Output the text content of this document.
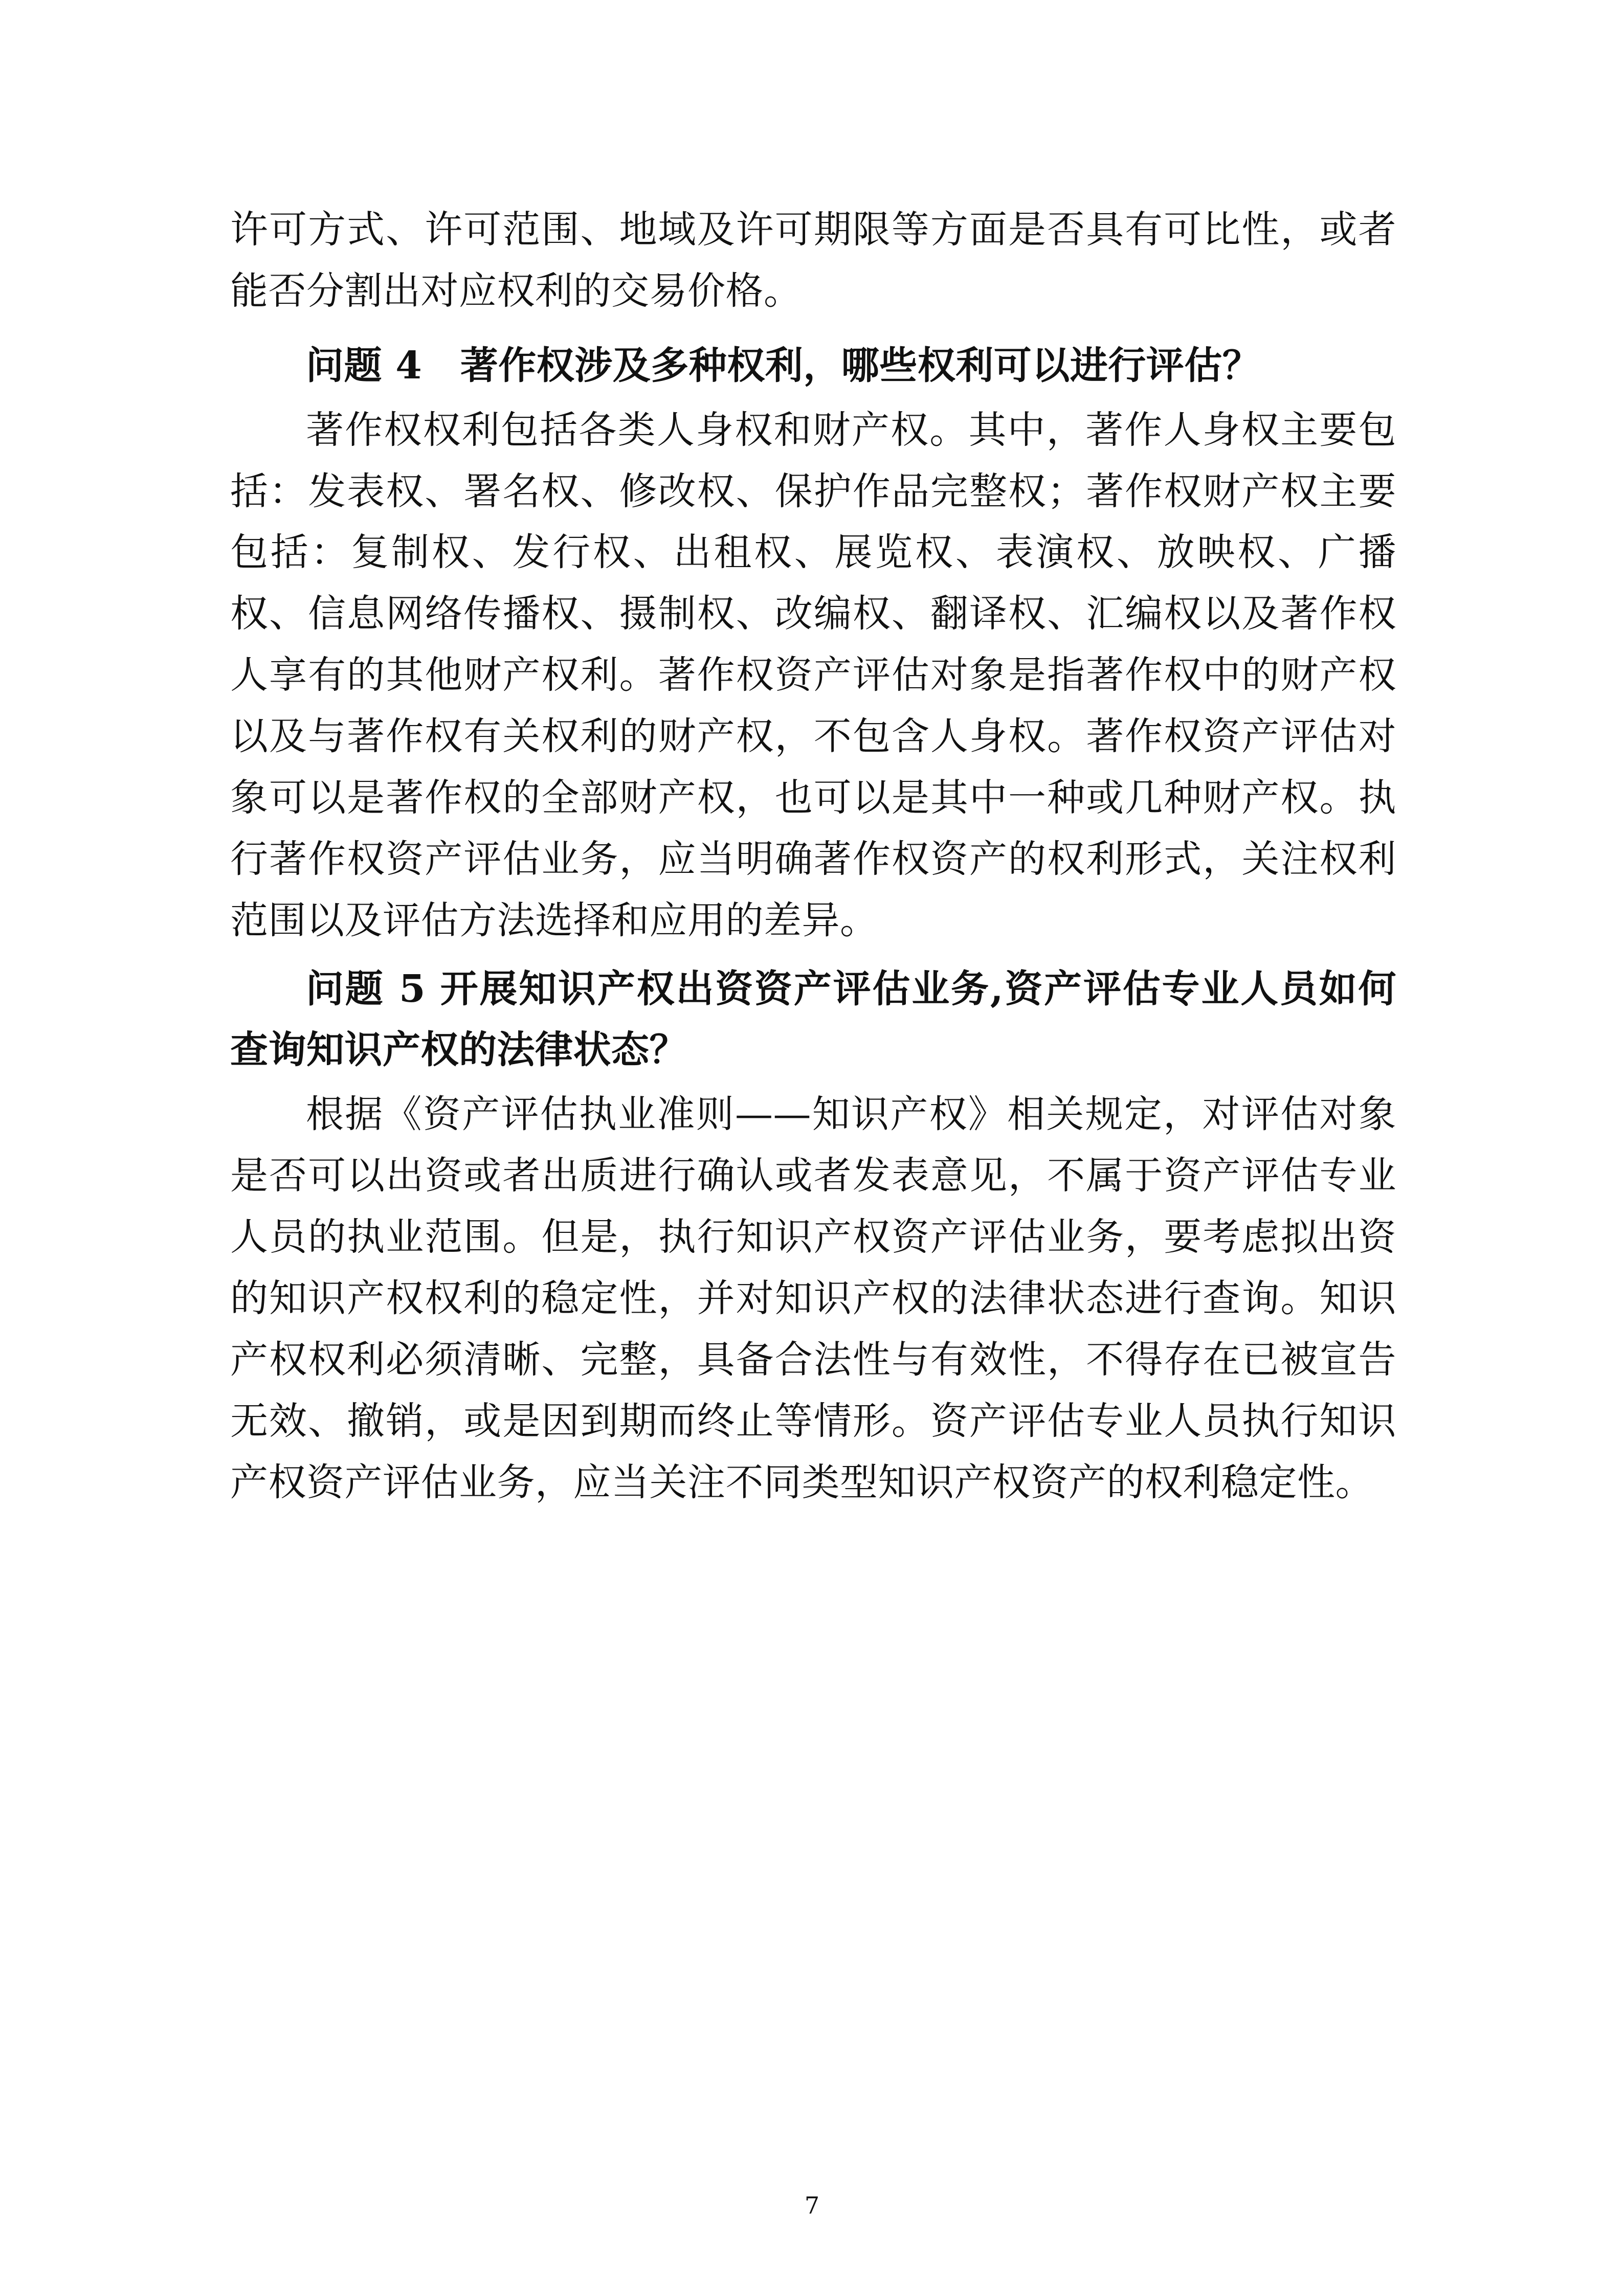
许可方式、许可范围、地域及许可期限等方面是否具有可比性，或者能否分割出对应权利的交易价格。

问题 4　著作权涉及多种权利，哪些权利可以进行评估？

著作权权利包括各类人身权和财产权。其中，著作人身权主要包括：发表权、署名权、修改权、保护作品完整权；著作权财产权主要包括：复制权、发行权、出租权、展览权、表演权、放映权、广播权、信息网络传播权、摄制权、改编权、翻译权、汇编权以及著作权人享有的其他财产权利。著作权资产评估对象是指著作权中的财产权以及与著作权有关权利的财产权，不包含人身权。著作权资产评估对象可以是著作权的全部财产权，也可以是其中一种或几种财产权。执行著作权资产评估业务，应当明确著作权资产的权利形式，关注权利范围以及评估方法选择和应用的差异。

问题 5 开展知识产权出资资产评估业务,资产评估专业人员如何查询知识产权的法律状态？

根据《资产评估执业准则——知识产权》相关规定，对评估对象是否可以出资或者出质进行确认或者发表意见，不属于资产评估专业人员的执业范围。但是，执行知识产权资产评估业务，要考虑拟出资的知识产权权利的稳定性，并对知识产权的法律状态进行查询。知识产权权利必须清晰、完整，具备合法性与有效性，不得存在已被宣告无效、撤销，或是因到期而终止等情形。资产评估专业人员执行知识产权资产评估业务，应当关注不同类型知识产权资产的权利稳定性。

7
